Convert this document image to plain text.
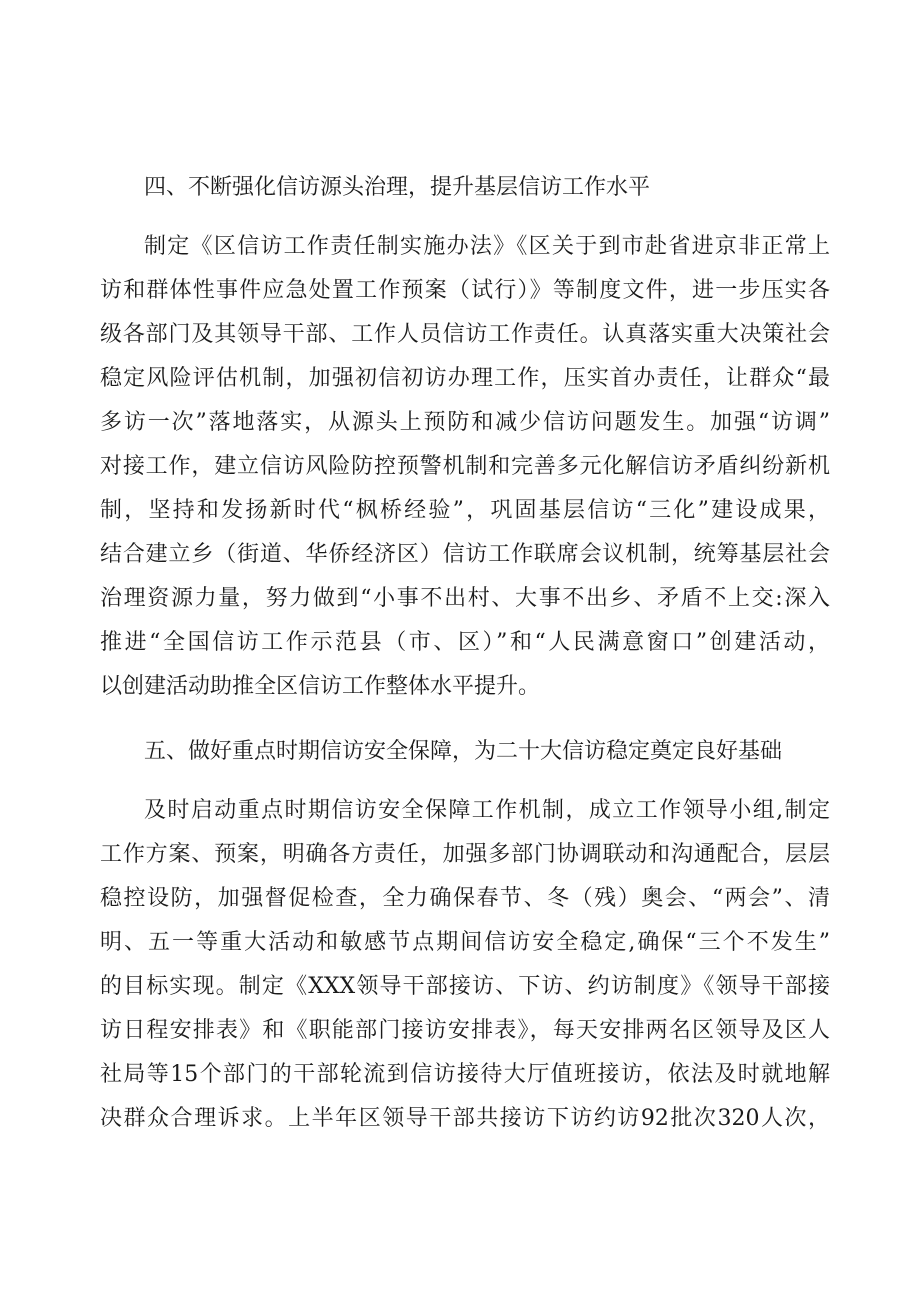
四、不断强化信访源头治理，提升基层信访工作水平

制定《区信访工作责任制实施办法》《区关于到市赴省进京非正常上
访和群体性事件应急处置工作预案（试行）》等制度文件，进一步压实各
级各部门及其领导干部、工作人员信访工作责任。认真落实重大决策社会
稳定风险评估机制，加强初信初访办理工作，压实首办责任，让群众“最
多访一次”落地落实，从源头上预防和减少信访问题发生。加强“访调”
对接工作，建立信访风险防控预警机制和完善多元化解信访矛盾纠纷新机
制，坚持和发扬新时代“枫桥经验”，巩固基层信访“三化”建设成果，
结合建立乡（街道、华侨经济区）信访工作联席会议机制，统筹基层社会
治理资源力量，努力做到“小事不出村、大事不出乡、矛盾不上交:深入
推进“全国信访工作示范县（市、区）”和“人民满意窗口”创建活动，
以创建活动助推全区信访工作整体水平提升。

五、做好重点时期信访安全保障，为二十大信访稳定奠定良好基础

及时启动重点时期信访安全保障工作机制，成立工作领导小组,制定
工作方案、预案，明确各方责任，加强多部门协调联动和沟通配合，层层
稳控设防，加强督促检查，全力确保春节、冬（残）奥会、“两会”、清
明、五一等重大活动和敏感节点期间信访安全稳定,确保“三个不发生”
的目标实现。制定《XXX领导干部接访、下访、约访制度》《领导干部接
访日程安排表》和《职能部门接访安排表》，每天安排两名区领导及区人
社局等15个部门的干部轮流到信访接待大厅值班接访，依法及时就地解
决群众合理诉求。上半年区领导干部共接访下访约访92批次320人次，
